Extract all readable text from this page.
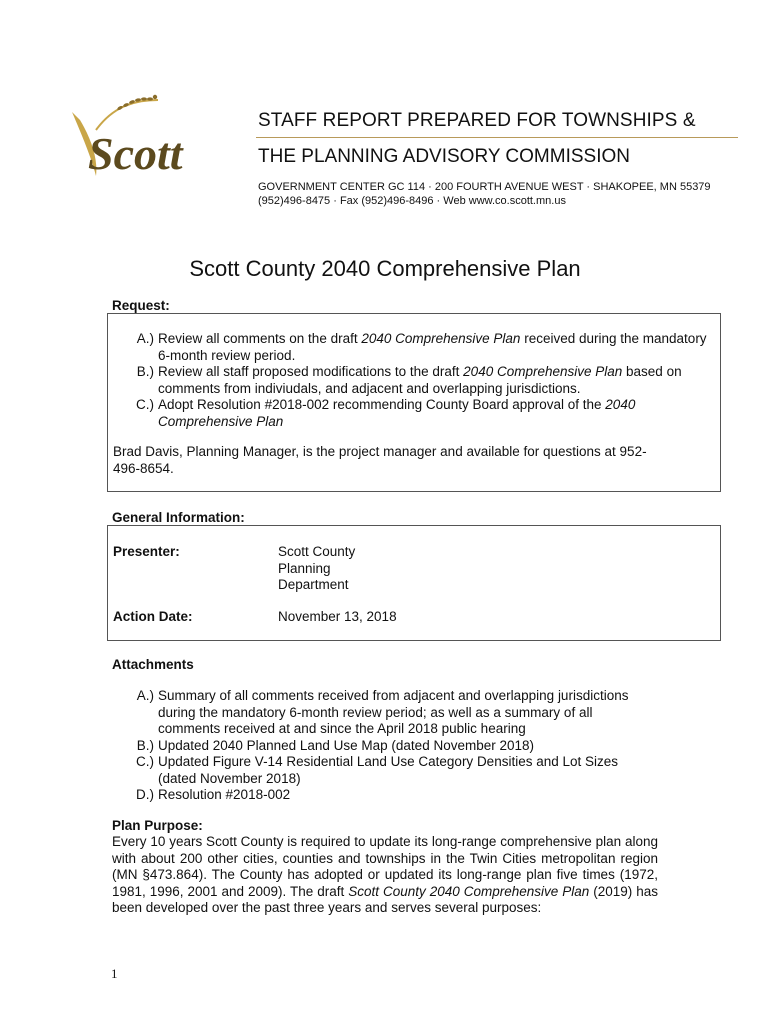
Scott
STAFF REPORT PREPARED FOR TOWNSHIPS &
THE PLANNING ADVISORY COMMISSION
GOVERNMENT CENTER GC 114 · 200 FOURTH AVENUE WEST · SHAKOPEE, MN 55379
(952)496-8475 · Fax (952)496-8496 · Web www.co.scott.mn.us
Scott County 2040 Comprehensive Plan
Request:
A.) Review all comments on the draft 2040 Comprehensive Plan received during the mandatory 6-month review period.
B.) Review all staff proposed modifications to the draft 2040 Comprehensive Plan based on comments from indiviudals, and adjacent and overlapping jurisdictions.
C.) Adopt Resolution #2018-002 recommending County Board approval of the 2040 Comprehensive Plan
Brad Davis, Planning Manager, is the project manager and available for questions at 952-496-8654.
General Information:
Presenter:	Scott County
Planning
Department
Action Date:	November 13, 2018
Attachments
A.) Summary of all comments received from adjacent and overlapping jurisdictions during the mandatory 6-month review period; as well as a summary of all comments received at and since the April 2018 public hearing
B.) Updated 2040 Planned Land Use Map (dated November 2018)
C.) Updated Figure V-14 Residential Land Use Category Densities and Lot Sizes (dated November 2018)
D.) Resolution #2018-002
Plan Purpose:
Every 10 years Scott County is required to update its long-range comprehensive plan along with about 200 other cities, counties and townships in the Twin Cities metropolitan region (MN §473.864). The County has adopted or updated its long-range plan five times (1972, 1981, 1996, 2001 and 2009). The draft Scott County 2040 Comprehensive Plan (2019) has been developed over the past three years and serves several purposes:
1
